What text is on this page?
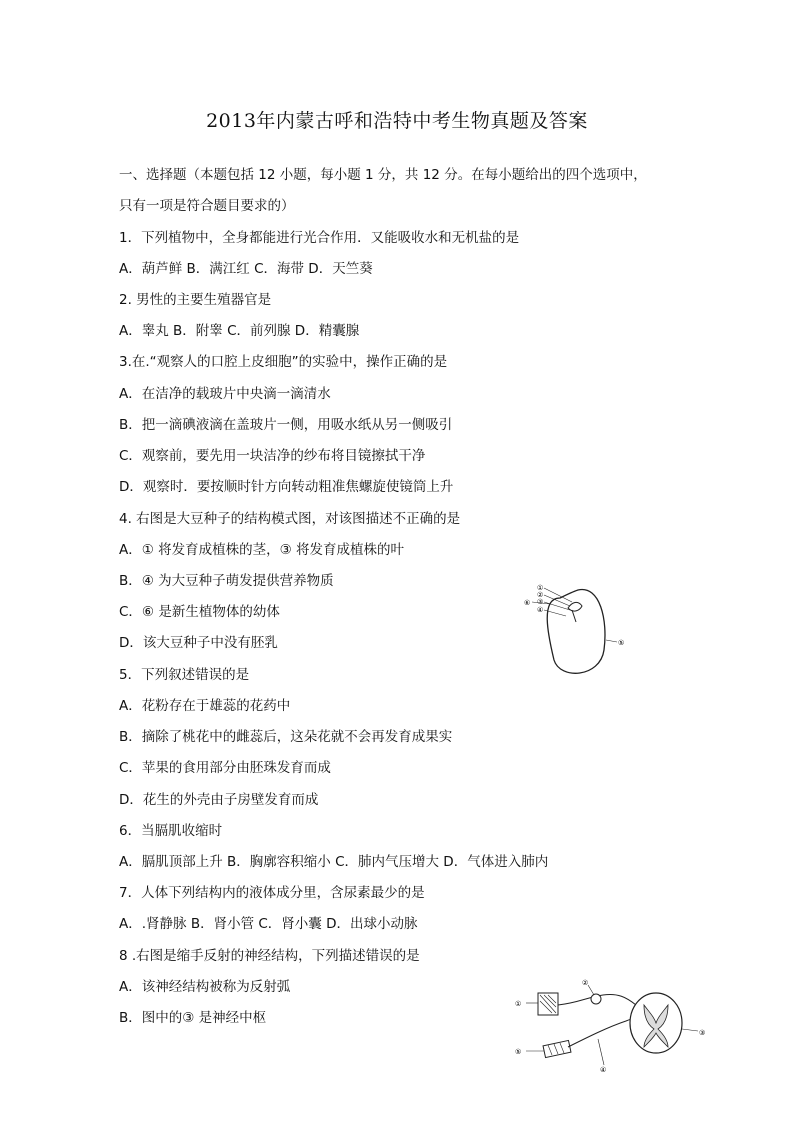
2013年内蒙古呼和浩特中考生物真题及答案
一、选择题（本题包括 12 小题，每小题 1 分，共 12 分。在每小题给出的四个选项中，
只有一项是符合题目要求的）
1．下列植物中，全身都能进行光合作用．又能吸收水和无机盐的是
A．葫芦鲜 B．满江红 C．海带 D．天竺葵
2. 男性的主要生殖器官是
A．睾丸 B．附睾 C．前列腺 D．精囊腺
3.在.“观察人的口腔上皮细胞”的实验中，操作正确的是
A．在洁净的载玻片中央滴一滴清水
B．把一滴碘液滴在盖玻片一侧，用吸水纸从另一侧吸引
C．观察前，要先用一块洁净的纱布将目镜擦拭干净
D．观察时．要按顺时针方向转动粗准焦螺旋使镜筒上升
4. 右图是大豆种子的结构模式图，对该图描述不正确的是
A．① 将发育成植株的茎，③ 将发育成植株的叶
B．④ 为大豆种子萌发提供营养物质
C．⑥ 是新生植物体的幼体
D．该大豆种子中没有胚乳
5．下列叙述错误的是
A．花粉存在于雄蕊的花药中
B．摘除了桃花中的雌蕊后，这朵花就不会再发育成果实
C．苹果的食用部分由胚珠发育而成
D．花生的外壳由子房壁发育而成
6．当膈肌收缩时
A．膈肌顶部上升 B．胸廓容积缩小 C．肺内气压增大 D．气体进入肺内
7．人体下列结构内的液体成分里，含尿素最少的是
A．.肾静脉 B．肾小管 C．肾小囊 D．出球小动脉
8 .右图是缩手反射的神经结构，下列描述错误的是
A．该神经结构被称为反射弧
B．图中的③ 是神经中枢
①
②
③
④
⑤
⑥
①
②
③
④
⑤
